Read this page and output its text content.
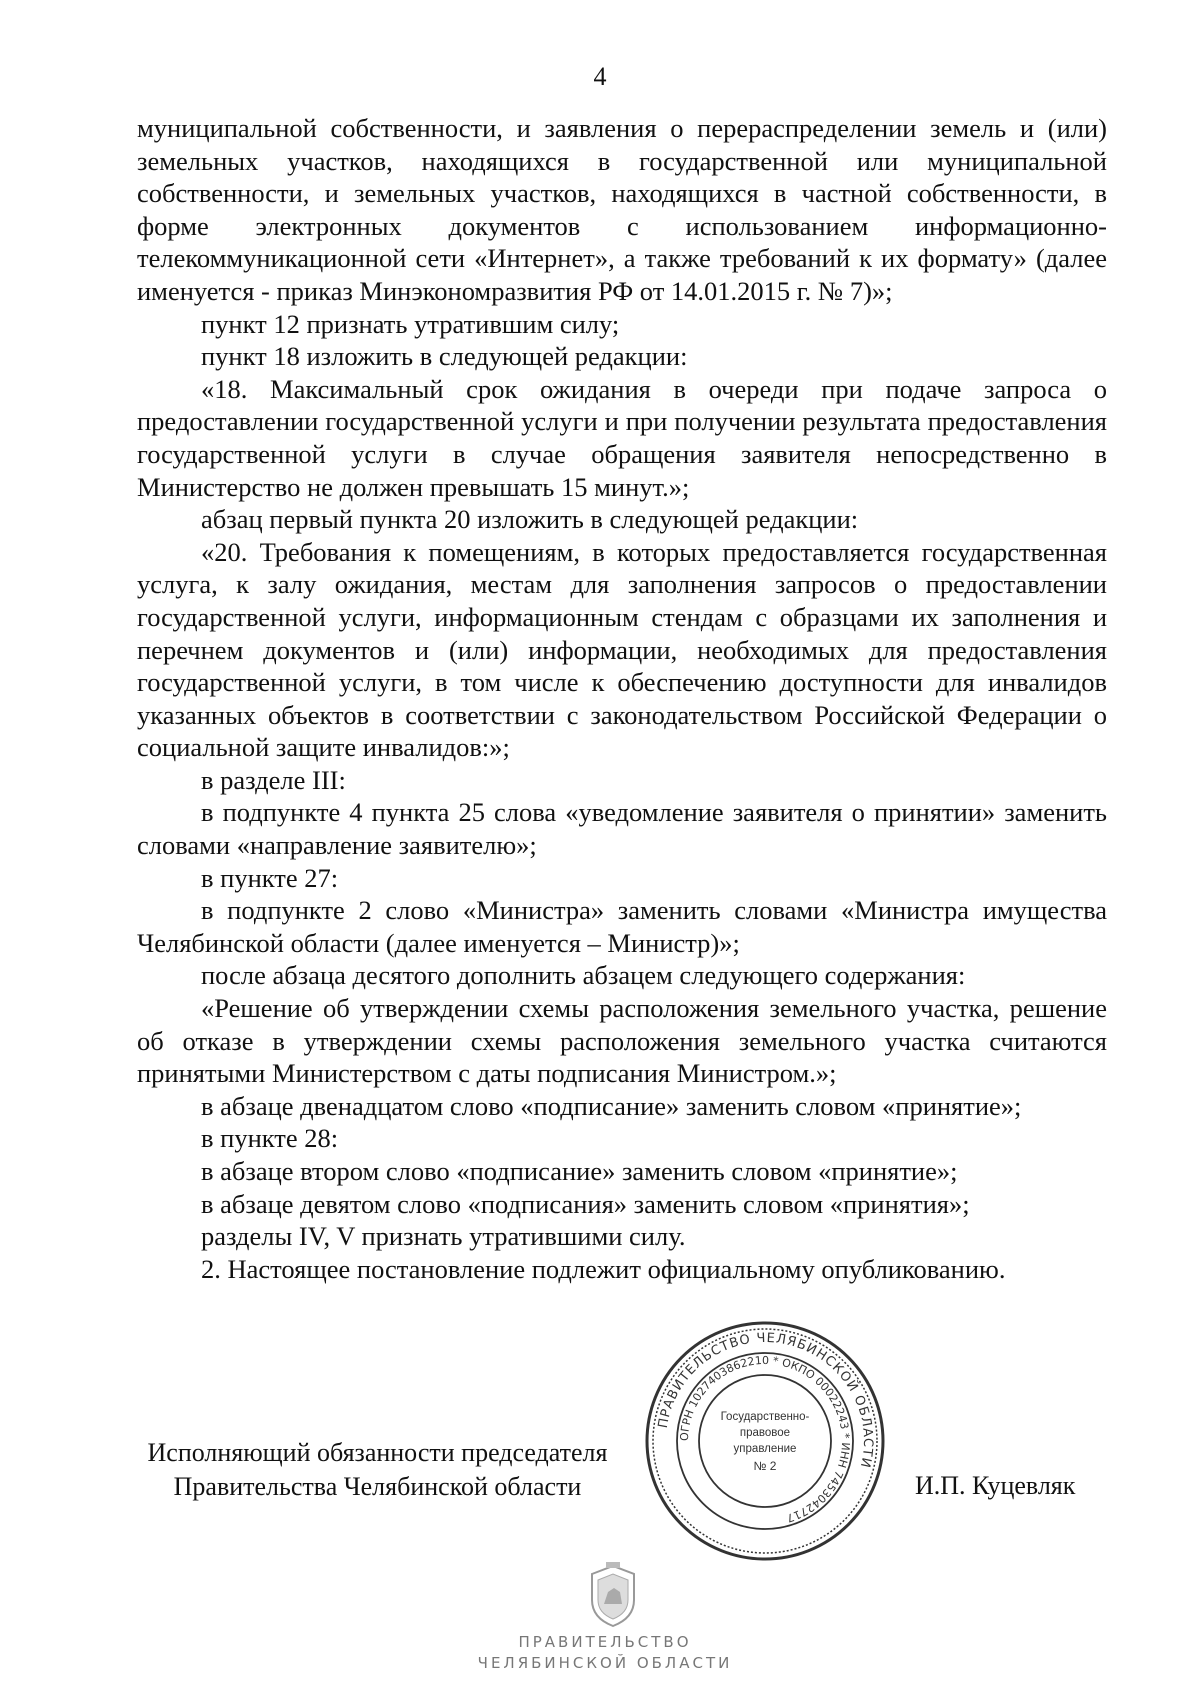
4

муниципальной собственности, и заявления о перераспределении земель и (или) земельных участков, находящихся в государственной или муниципальной собственности, и земельных участков, находящихся в частной собственности, в форме электронных документов с использованием информационно-телекоммуникационной сети «Интернет», а также требований к их формату» (далее именуется - приказ Минэкономразвития РФ от 14.01.2015 г. № 7)»;

пункт 12 признать утратившим силу;

пункт 18 изложить в следующей редакции:

«18. Максимальный срок ожидания в очереди при подаче запроса о предоставлении государственной услуги и при получении результата предоставления государственной услуги в случае обращения заявителя непосредственно в Министерство не должен превышать 15 минут.»;

абзац первый пункта 20 изложить в следующей редакции:

«20. Требования к помещениям, в которых предоставляется государственная услуга, к залу ожидания, местам для заполнения запросов о предоставлении государственной услуги, информационным стендам с образцами их заполнения и перечнем документов и (или) информации, необходимых для предоставления государственной услуги, в том числе к обеспечению доступности для инвалидов указанных объектов в соответствии с законодательством Российской Федерации о социальной защите инвалидов:»;

в разделе III:

в подпункте 4 пункта 25 слова «уведомление заявителя о принятии» заменить словами «направление заявителю»;

в пункте 27:

в подпункте 2 слово «Министра» заменить словами «Министра имущества Челябинской области (далее именуется – Министр)»;

после абзаца десятого дополнить абзацем следующего содержания:

«Решение об утверждении схемы расположения земельного участка, решение об отказе в утверждении схемы расположения земельного участка считаются принятыми Министерством с даты подписания Министром.»;

в абзаце двенадцатом слово «подписание» заменить словом «принятие»;

в пункте 28:

в абзаце втором слово «подписание» заменить словом «принятие»;

в абзаце девятом слово «подписания» заменить словом «принятия»;

разделы IV, V признать утратившими силу.

2. Настоящее постановление подлежит официальному опубликованию.

Исполняющий обязанности председателя
Правительства Челябинской области
ПРАВИТЕЛЬСТВО ЧЕЛЯБИНСКОЙ ОБЛАСТИ
ОГРН 1027403862210 * ОКПО 00022243 * ИНН 7453042717
Государственно-
правовое
управление
№ 2
И.П. Куцевляк
ПРАВИТЕЛЬСТВО
ЧЕЛЯБИНСКОЙ ОБЛАСТИ
